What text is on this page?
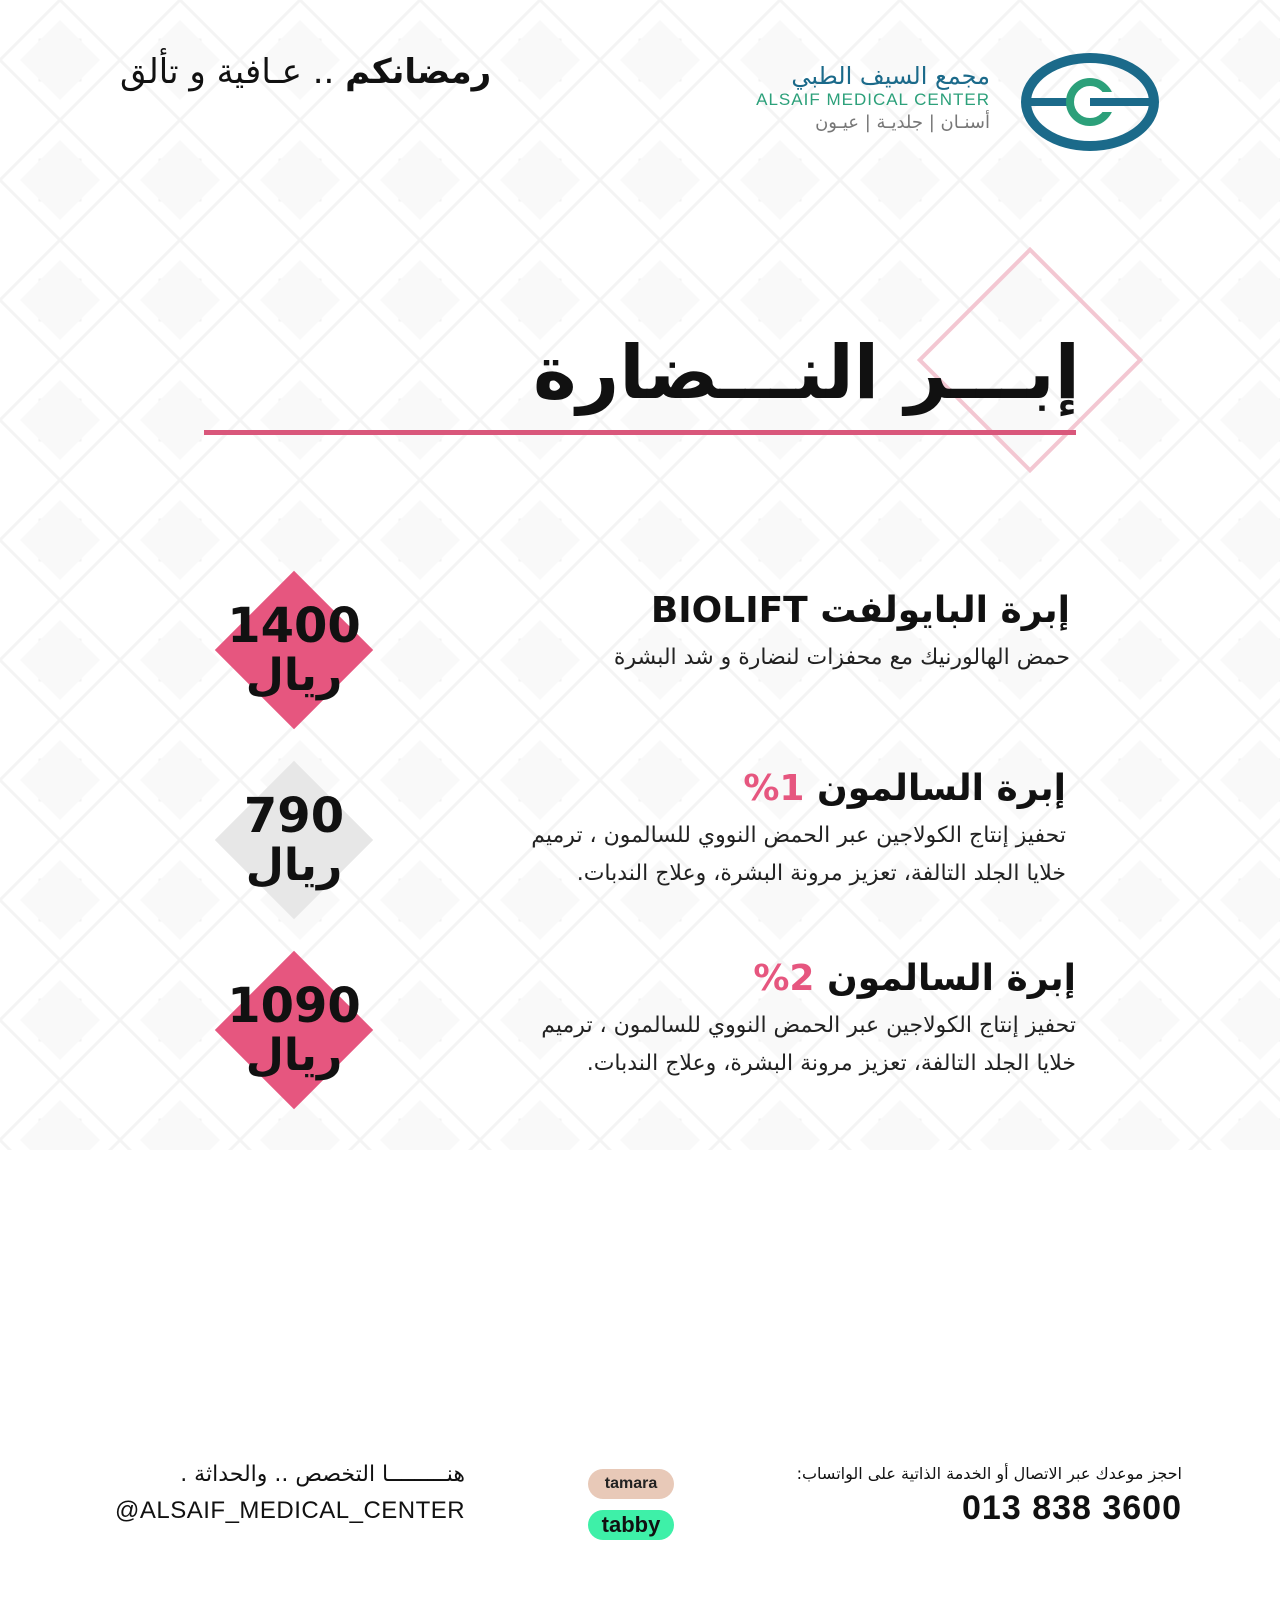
رمضانكم .. عـافية و تألق	مجمع السيف الطبي
ALSAIF MEDICAL CENTER
أسنـان | جلديـة | عيـون
إبـــر النـــضارة
1400
ريال
إبرة البايولفت BIOLIFT
حمض الهالورنيك مع محفزات لنضارة و شد البشرة
790
ريال
إبرة السالمون 1%
تحفيز إنتاج الكولاجين عبر الحمض النووي للسالمون ، ترميم
خلايا الجلد التالفة، تعزيز مرونة البشرة، وعلاج الندبات.
1090
ريال
إبرة السالمون 2%
تحفيز إنتاج الكولاجين عبر الحمض النووي للسالمون ، ترميم
خلايا الجلد التالفة، تعزيز مرونة البشرة، وعلاج الندبات.
هنـــــــــا التخصص .. والحداثة .
@ALSAIF_MEDICAL_CENTER
tamara
tabby
احجز موعدك عبر الاتصال أو الخدمة الذاتية على الواتساب:
013 838 3600
